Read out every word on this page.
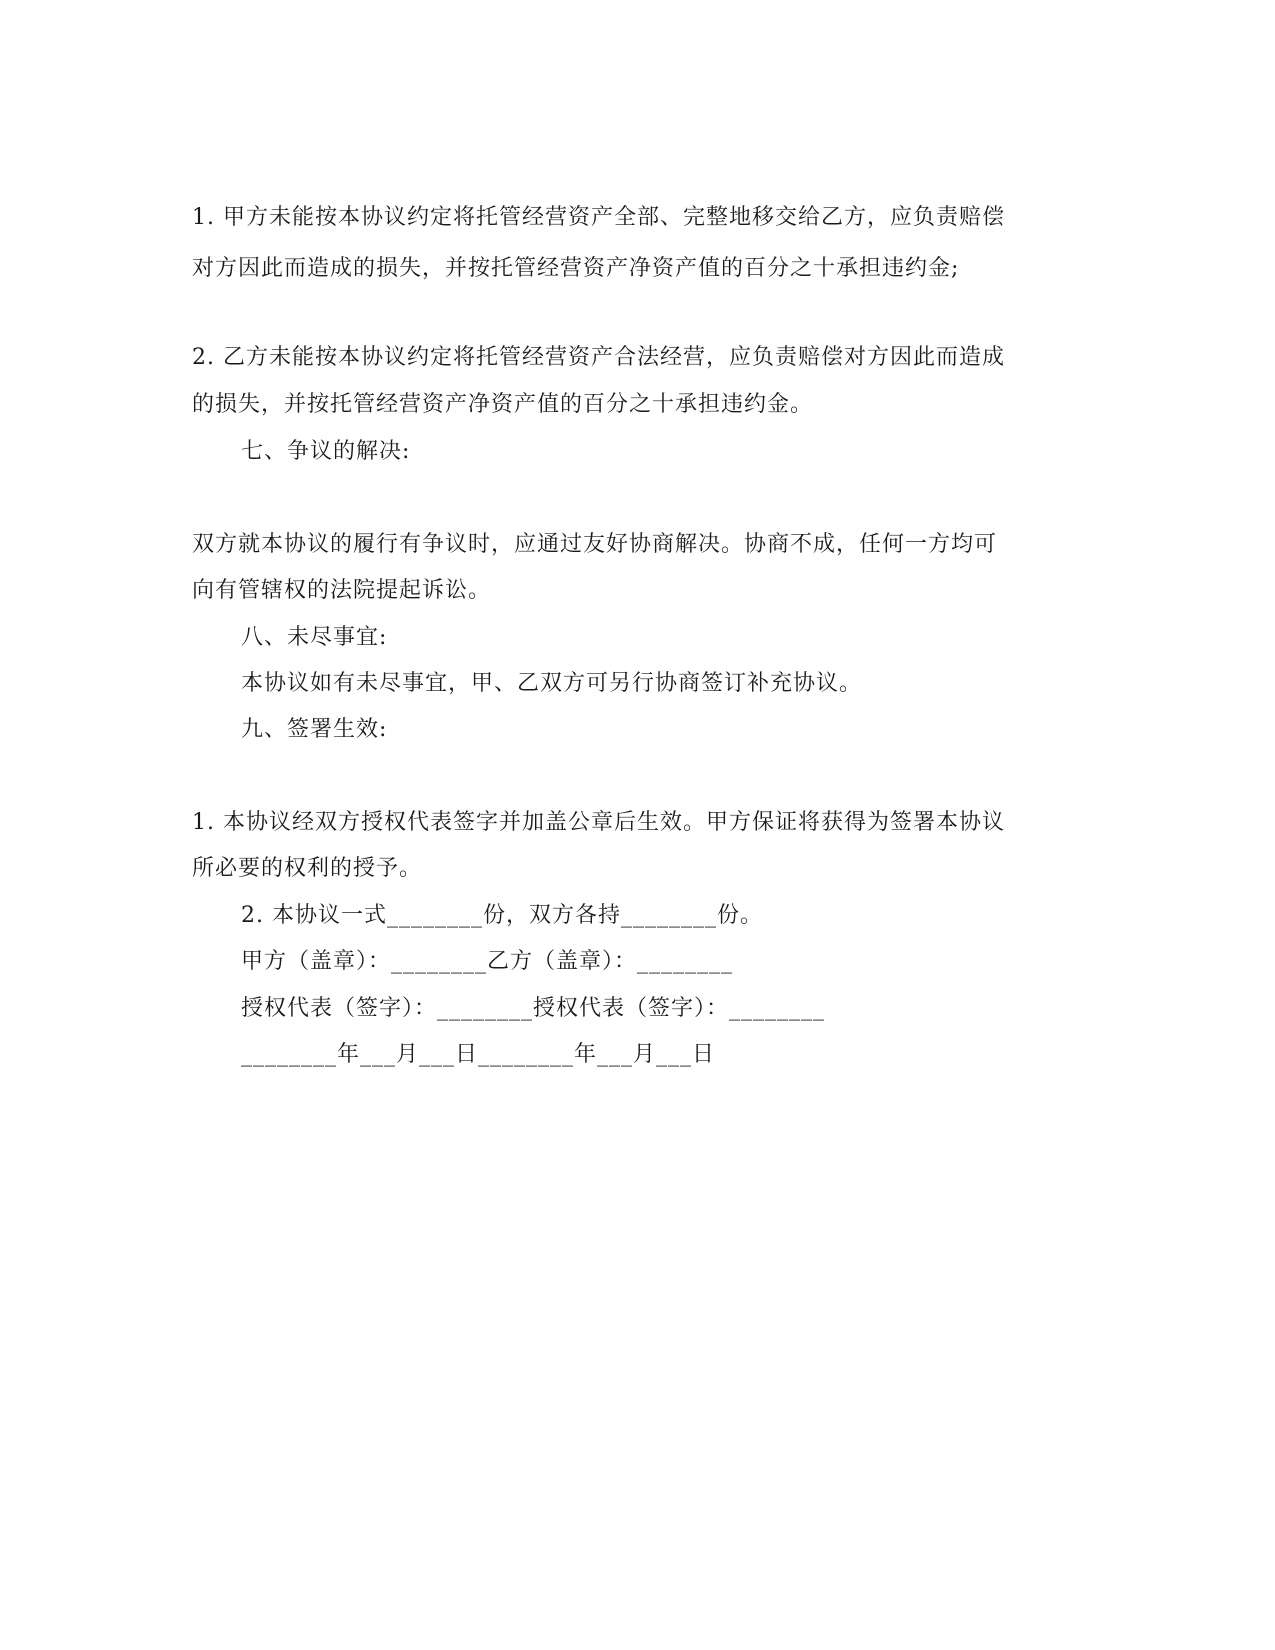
1. 甲方未能按本协议约定将托管经营资产全部、完整地移交给乙方，应负责赔偿
对方因此而造成的损失，并按托管经营资产净资产值的百分之十承担违约金;
2. 乙方未能按本协议约定将托管经营资产合法经营，应负责赔偿对方因此而造成
的损失，并按托管经营资产净资产值的百分之十承担违约金。
七、争议的解决:
双方就本协议的履行有争议时，应通过友好协商解决。协商不成，任何一方均可
向有管辖权的法院提起诉讼。
八、未尽事宜:
本协议如有未尽事宜，甲、乙双方可另行协商签订补充协议。
九、签署生效:
1. 本协议经双方授权代表签字并加盖公章后生效。甲方保证将获得为签署本协议
所必要的权利的授予。
2. 本协议一式________份，双方各持________份。
甲方（盖章）：________乙方（盖章）：________
授权代表（签字）：________授权代表（签字）：________
________年___月___日________年___月___日
